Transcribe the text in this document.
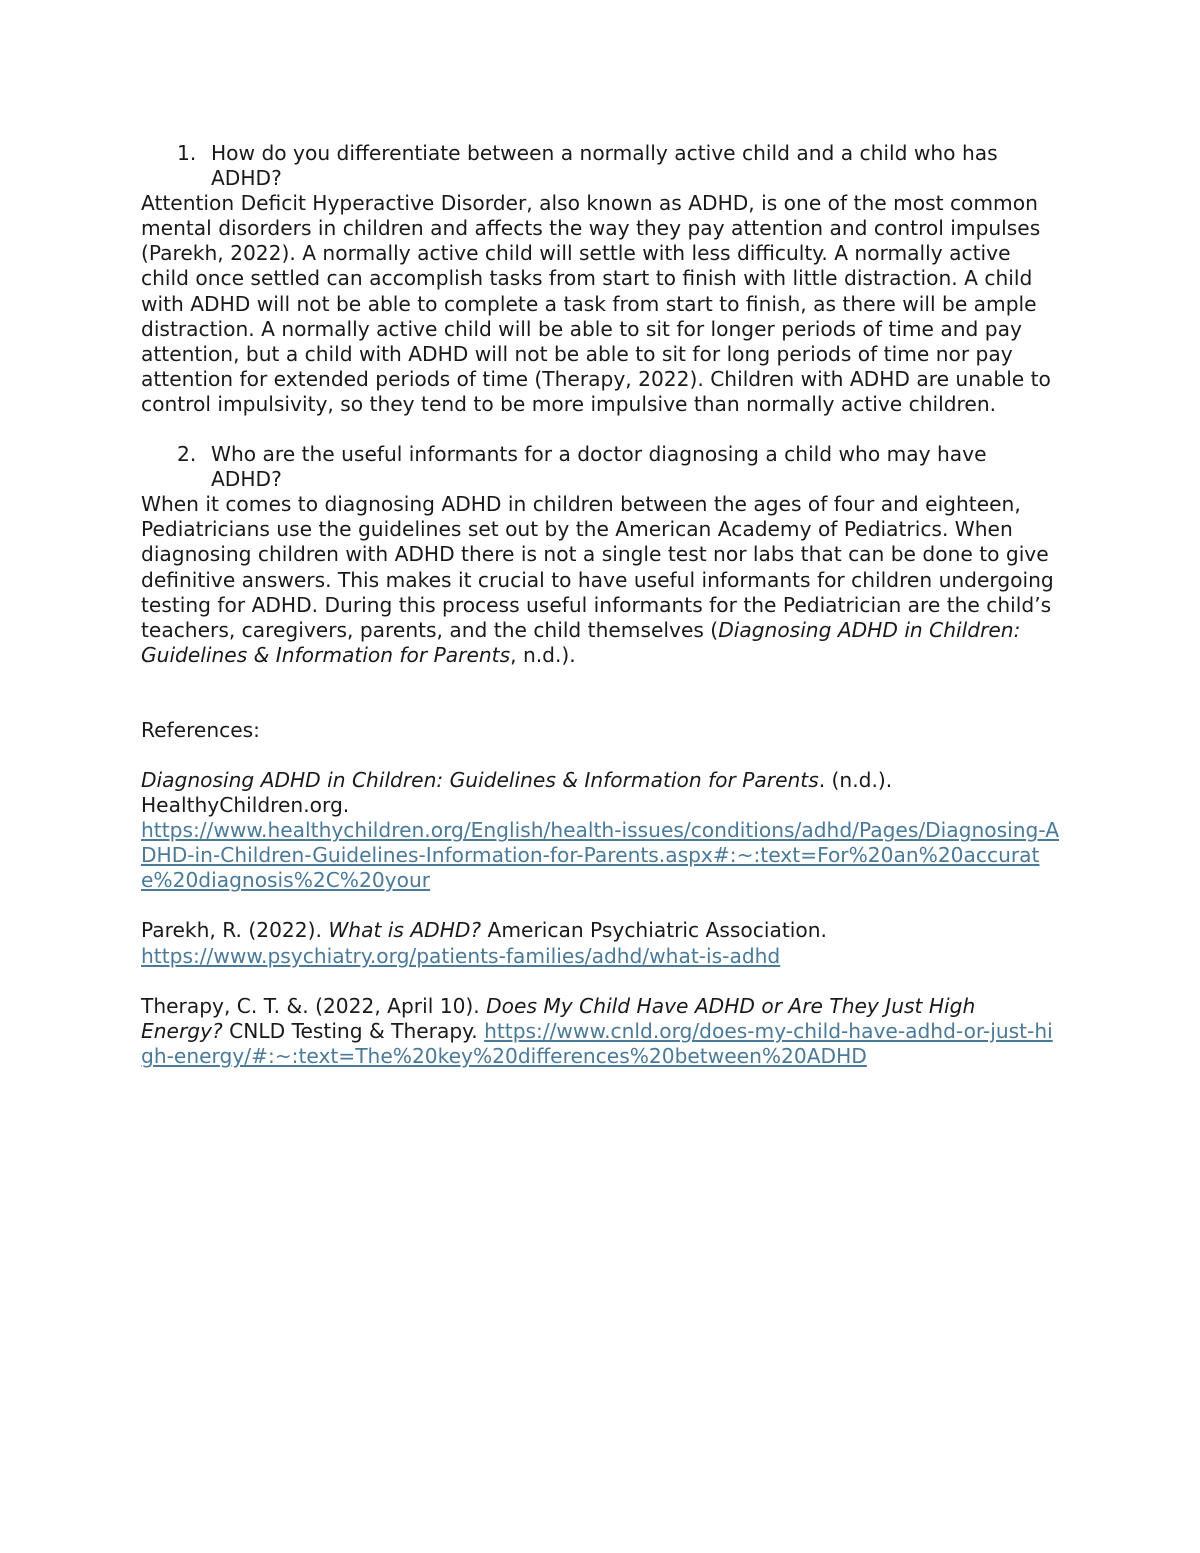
1. How do you differentiate between a normally active child and a child who has ADHD?

Attention Deficit Hyperactive Disorder, also known as ADHD, is one of the most common mental disorders in children and affects the way they pay attention and control impulses (Parekh, 2022). A normally active child will settle with less difficulty. A normally active child once settled can accomplish tasks from start to finish with little distraction. A child with ADHD will not be able to complete a task from start to finish, as there will be ample distraction. A normally active child will be able to sit for longer periods of time and pay attention, but a child with ADHD will not be able to sit for long periods of time nor pay attention for extended periods of time (Therapy, 2022). Children with ADHD are unable to control impulsivity, so they tend to be more impulsive than normally active children.

2. Who are the useful informants for a doctor diagnosing a child who may have ADHD?

When it comes to diagnosing ADHD in children between the ages of four and eighteen, Pediatricians use the guidelines set out by the American Academy of Pediatrics. When diagnosing children with ADHD there is not a single test nor labs that can be done to give definitive answers. This makes it crucial to have useful informants for children undergoing testing for ADHD. During this process useful informants for the Pediatrician are the child’s teachers, caregivers, parents, and the child themselves (Diagnosing ADHD in Children: Guidelines & Information for Parents, n.d.).

References:

Diagnosing ADHD in Children: Guidelines & Information for Parents. (n.d.). HealthyChildren.org.
https://www.healthychildren.org/English/health-issues/conditions/adhd/Pages/Diagnosing-ADHD-in-Children-Guidelines-Information-for-Parents.aspx#:~:text=For%20an%20accurate%20diagnosis%2C%20your

Parekh, R. (2022). What is ADHD? American Psychiatric Association.
https://www.psychiatry.org/patients-families/adhd/what-is-adhd

Therapy, C. T. &. (2022, April 10). Does My Child Have ADHD or Are They Just High Energy? CNLD Testing & Therapy. https://www.cnld.org/does-my-child-have-adhd-or-just-high-energy/#:~:text=The%20key%20differences%20between%20ADHD
